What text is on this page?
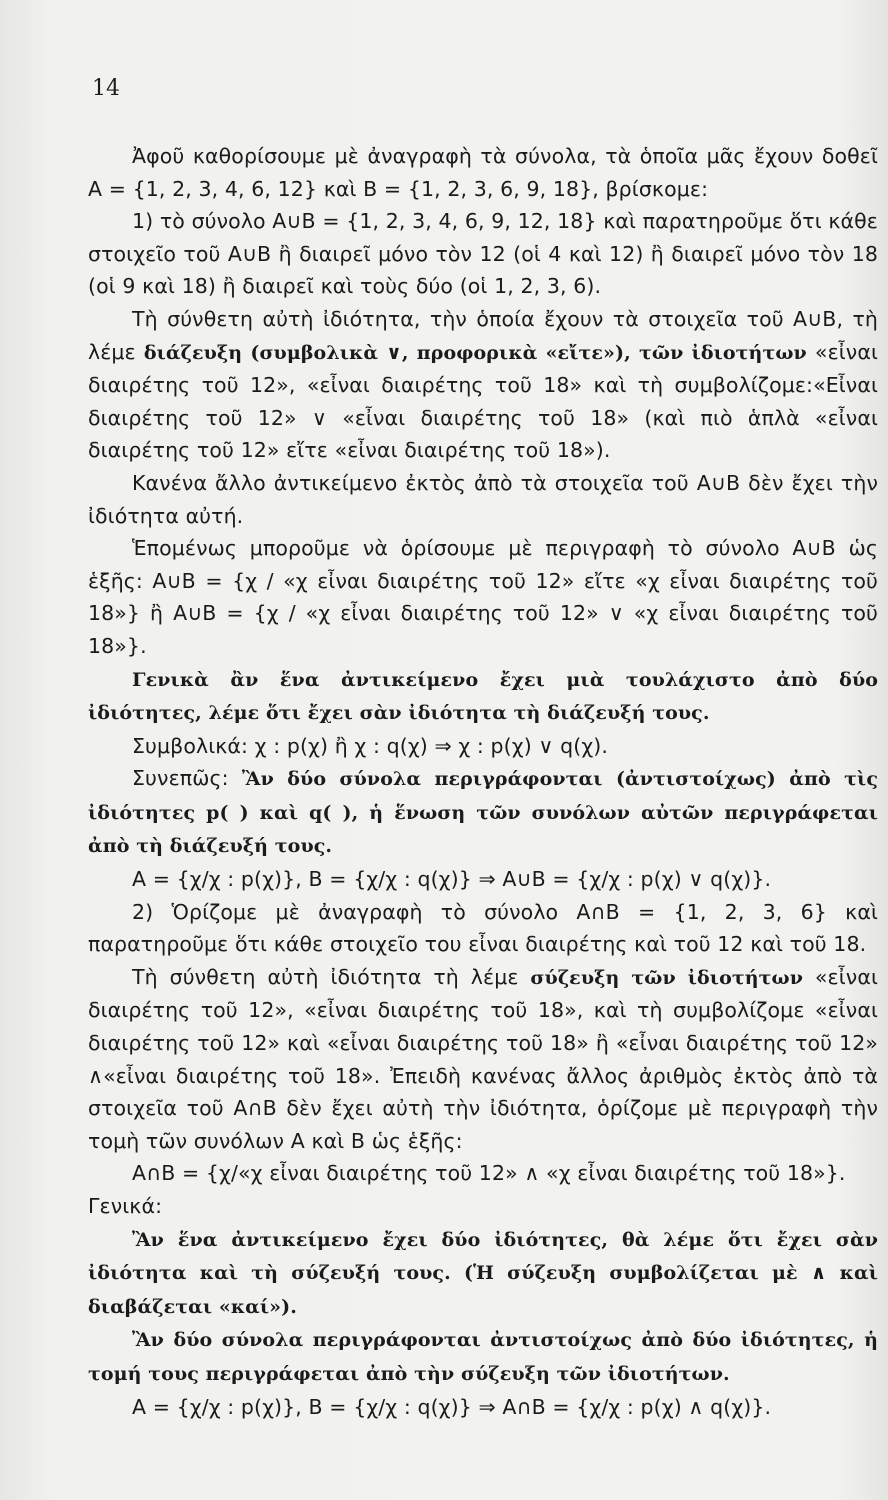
14

Ἀφοῦ καθορίσουμε μὲ ἀναγραφὴ τὰ σύνολα, τὰ ὁποῖα μᾶς ἔχουν δοθεῖ Α = {1, 2, 3, 4, 6, 12} καὶ Β = {1, 2, 3, 6, 9, 18}, βρίσκομε:

1) τὸ σύνολο Α∪Β = {1, 2, 3, 4, 6, 9, 12, 18} καὶ παρατηροῦμε ὅτι κάθε στοιχεῖο τοῦ Α∪Β ἢ διαιρεῖ μόνο τὸν 12 (οἱ 4 καὶ 12) ἢ διαιρεῖ μόνο τὸν 18 (οἱ 9 καὶ 18) ἢ διαιρεῖ καὶ τοὺς δύο (οἱ 1, 2, 3, 6).

Τὴ σύνθετη αὐτὴ ἰδιότητα, τὴν ὁποία ἔχουν τὰ στοιχεῖα τοῦ Α∪Β, τὴ λέμε διάζευξη (συμβολικὰ ∨, προφορικὰ «εἴτε»), τῶν ἰδιοτήτων «εἶναι διαιρέτης τοῦ 12», «εἶναι διαιρέτης τοῦ 18» καὶ τὴ συμβολίζομε:«Εἶναι διαιρέτης τοῦ 12» ∨ «εἶναι διαιρέτης τοῦ 18» (καὶ πιὸ ἁπλὰ «εἶναι διαιρέτης τοῦ 12» εἴτε «εἶναι διαιρέτης τοῦ 18»).

Κανένα ἄλλο ἀντικείμενο ἐκτὸς ἀπὸ τὰ στοιχεῖα τοῦ Α∪Β δὲν ἔχει τὴν ἰδιότητα αὐτή.

Ἑπομένως μποροῦμε νὰ ὁρίσουμε μὲ περιγραφὴ τὸ σύνολο Α∪Β ὡς ἑξῆς: Α∪Β = {χ / «χ εἶναι διαιρέτης τοῦ 12» εἴτε «χ εἶναι διαιρέτης τοῦ 18»} ἢ Α∪Β = {χ / «χ εἶναι διαιρέτης τοῦ 12» ∨ «χ εἶναι διαιρέτης τοῦ 18»}.

Γενικὰ ἂν ἕνα ἀντικείμενο ἔχει μιὰ τουλάχιστο ἀπὸ δύο ἰδιότητες, λέμε ὅτι ἔχει σὰν ἰδιότητα τὴ διάζευξή τους.

Συμβολικά: χ : p(χ) ἢ χ : q(χ) ⇒ χ : p(χ) ∨ q(χ).

Συνεπῶς: Ἂν δύο σύνολα περιγράφονται (ἀντιστοίχως) ἀπὸ τὶς ἰδιότητες p( ) καὶ q( ), ἡ ἕνωση τῶν συνόλων αὐτῶν περιγράφεται ἀπὸ τὴ διάζευξή τους.

Α = {χ/χ : p(χ)}, Β = {χ/χ : q(χ)} ⇒ Α∪Β = {χ/χ : p(χ) ∨ q(χ)}.

2) Ὁρίζομε μὲ ἀναγραφὴ τὸ σύνολο Α∩Β = {1, 2, 3, 6} καὶ παρατηροῦμε ὅτι κάθε στοιχεῖο του εἶναι διαιρέτης καὶ τοῦ 12 καὶ τοῦ 18.

Τὴ σύνθετη αὐτὴ ἰδιότητα τὴ λέμε σύζευξη τῶν ἰδιοτήτων «εἶναι διαιρέτης τοῦ 12», «εἶναι διαιρέτης τοῦ 18», καὶ τὴ συμβολίζομε «εἶναι διαιρέτης τοῦ 12» καὶ «εἶναι διαιρέτης τοῦ 18» ἢ «εἶναι διαιρέτης τοῦ 12» ∧«εἶναι διαιρέτης τοῦ 18». Ἐπειδὴ κανένας ἄλλος ἀριθμὸς ἐκτὸς ἀπὸ τὰ στοιχεῖα τοῦ Α∩Β δὲν ἔχει αὐτὴ τὴν ἰδιότητα, ὁρίζομε μὲ περιγραφὴ τὴν τομὴ τῶν συνόλων Α καὶ Β ὡς ἑξῆς:

Α∩Β = {χ/«χ εἶναι διαιρέτης τοῦ 12» ∧ «χ εἶναι διαιρέτης τοῦ 18»}.

Γενικά:

Ἂν ἕνα ἀντικείμενο ἔχει δύο ἰδιότητες, θὰ λέμε ὅτι ἔχει σὰν ἰδιότητα καὶ τὴ σύζευξή τους. (Ἡ σύζευξη συμβολίζεται μὲ ∧ καὶ διαβάζεται «καί»).

Ἂν δύο σύνολα περιγράφονται ἀντιστοίχως ἀπὸ δύο ἰδιότητες, ἡ τομή τους περιγράφεται ἀπὸ τὴν σύζευξη τῶν ἰδιοτήτων.

Α = {χ/χ : p(χ)}, Β = {χ/χ : q(χ)} ⇒ Α∩Β = {χ/χ : p(χ) ∧ q(χ)}.
